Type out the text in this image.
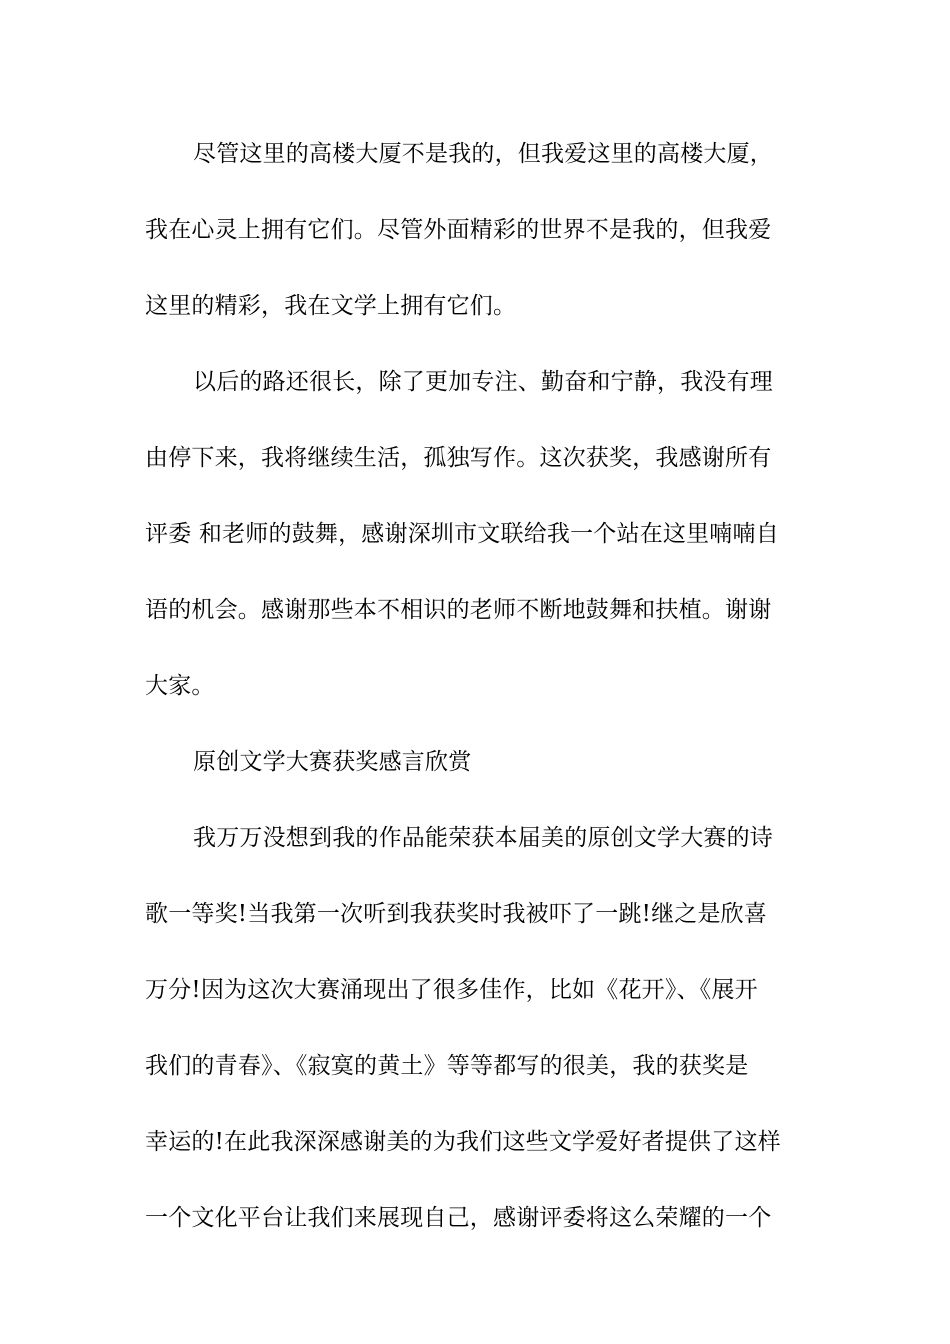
尽管这里的高楼大厦不是我的，但我爱这里的高楼大厦，
我在心灵上拥有它们。尽管外面精彩的世界不是我的，但我爱
这里的精彩，我在文学上拥有它们。
以后的路还很长，除了更加专注、勤奋和宁静，我没有理
由停下来，我将继续生活，孤独写作。这次获奖，我感谢所有
评委 和老师的鼓舞，感谢深圳市文联给我一个站在这里喃喃自
语的机会。感谢那些本不相识的老师不断地鼓舞和扶植。谢谢
大家。
原创文学大赛获奖感言欣赏
我万万没想到我的作品能荣获本届美的原创文学大赛的诗
歌一等奖!当我第一次听到我获奖时我被吓了一跳!继之是欣喜
万分!因为这次大赛涌现出了很多佳作，比如《花开》、《展开
我们的青春》、《寂寞的黄土》等等都写的很美，我的获奖是
幸运的!在此我深深感谢美的为我们这些文学爱好者提供了这样
一个文化平台让我们来展现自己，感谢评委将这么荣耀的一个
